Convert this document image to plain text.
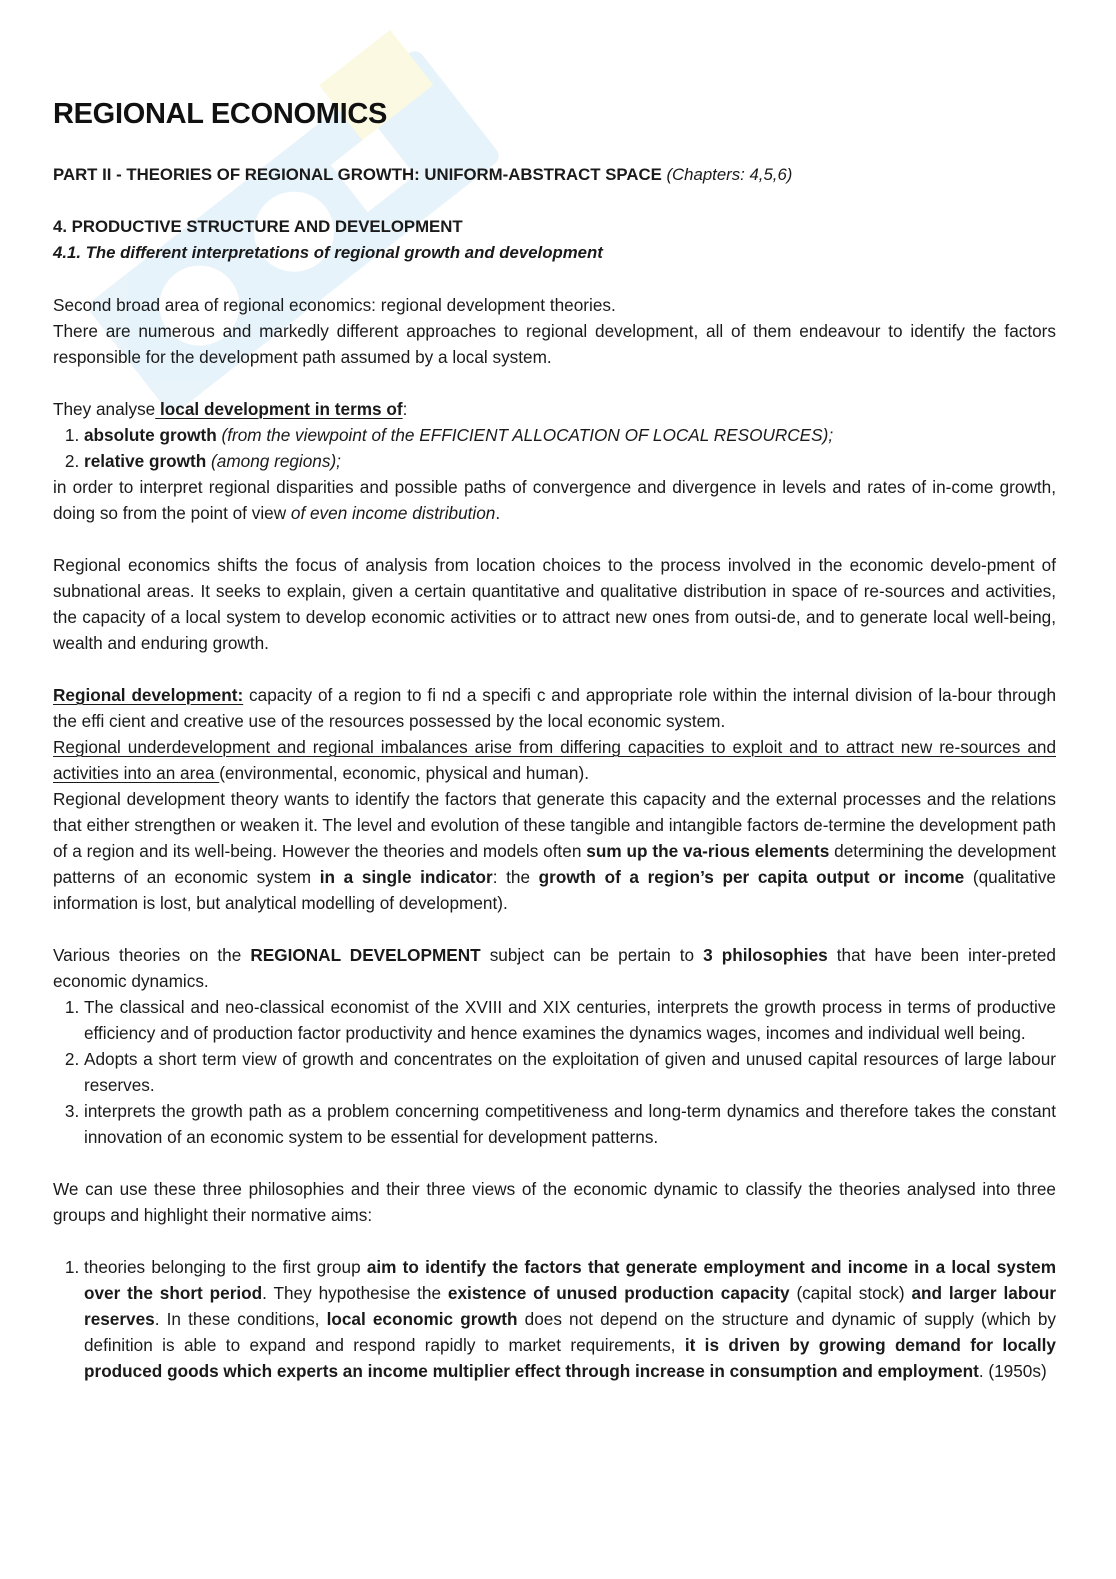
REGIONAL ECONOMICS
PART II - THEORIES OF REGIONAL GROWTH: UNIFORM-ABSTRACT SPACE (Chapters: 4,5,6)
4. PRODUCTIVE STRUCTURE AND DEVELOPMENT
4.1. The different interpretations of regional growth and development

Second broad area of regional economics: regional development theories.
There are numerous and markedly different approaches to regional development, all of them endeavour to identify the factors responsible for the development path assumed by a local system.

They analyse local development in terms of:

1. absolute growth (from the viewpoint of the EFFICIENT ALLOCATION OF LOCAL RESOURCES);
2. relative growth (among regions);

in order to interpret regional disparities and possible paths of convergence and divergence in levels and rates of in-come growth, doing so from the point of view of even income distribution.

Regional economics shifts the focus of analysis from location choices to the process involved in the economic develo-pment of subnational areas. It seeks to explain, given a certain quantitative and qualitative distribution in space of re-sources and activities, the capacity of a local system to develop economic activities or to attract new ones from outsi-de, and to generate local well-being, wealth and enduring growth.

Regional development: capacity of a region to fi nd a specifi c and appropriate role within the internal division of la-bour through the effi cient and creative use of the resources possessed by the local economic system.
Regional underdevelopment and regional imbalances arise from differing capacities to exploit and to attract new re-sources and activities into an area (environmental, economic, physical and human).
Regional development theory wants to identify the factors that generate this capacity and the external processes and the relations that either strengthen or weaken it. The level and evolution of these tangible and intangible factors de-termine the development path of a region and its well-being. However the theories and models often sum up the va-rious elements determining the development patterns of an economic system in a single indicator: the growth of a region’s per capita output or income (qualitative information is lost, but analytical modelling of development).

Various theories on the REGIONAL DEVELOPMENT subject can be pertain to 3 philosophies that have been inter-preted economic dynamics.

1. The classical and neo-classical economist of the XVIII and XIX centuries, interprets the growth process in terms of productive efficiency and of production factor productivity and hence examines the dynamics wages, incomes and individual well being.
2. Adopts a short term view of growth and concentrates on the exploitation of given and unused capital resources of large labour reserves.
3. interprets the growth path as a problem concerning competitiveness and long-term dynamics and therefore takes the constant innovation of an economic system to be essential for development patterns.

We can use these three philosophies and their three views of the economic dynamic to classify the theories analysed into three groups and highlight their normative aims:

1. theories belonging to the first group aim to identify the factors that generate employment and income in a local system over the short period. They hypothesise the existence of unused production capacity (capital stock) and larger labour reserves. In these conditions, local economic growth does not depend on the structure and dynamic of supply (which by definition is able to expand and respond rapidly to market requirements, it is driven by growing demand for locally produced goods which experts an income multiplier effect through increase in consumption and employment. (1950s)
